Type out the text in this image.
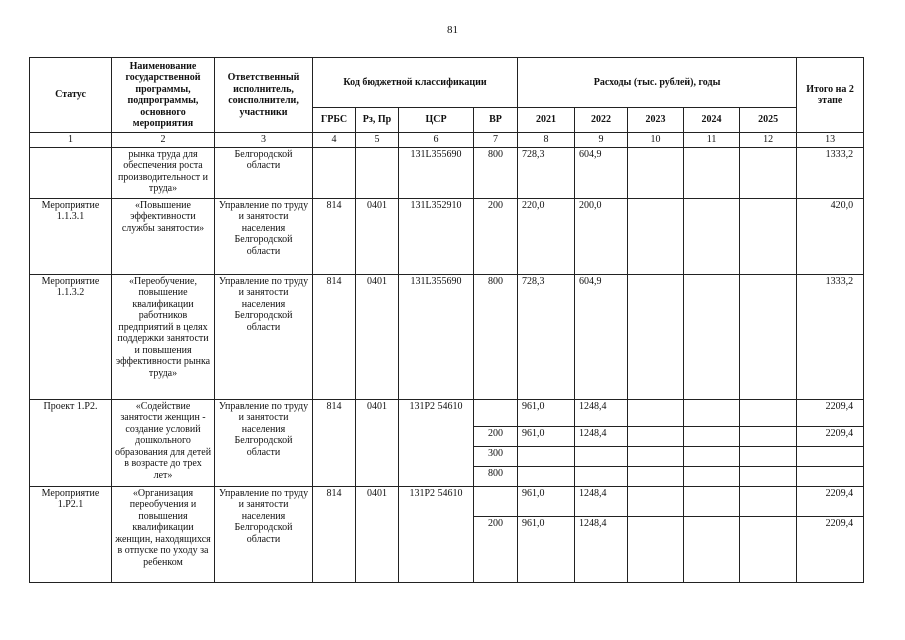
81
Статус	Наименование государственной программы, подпрограммы, основного мероприятия	Ответственный исполнитель, соисполнители, участники	Код бюджетной классификации				Расходы (тыс. рублей), годы					Итого на 2 этапе
			ГРБС	Рз, Пр	ЦСР	ВР	2021	2022	2023	2024	2025	
1	2	3	4	5	6	7	8	9	10	11	12	13
	рынка труда для обеспечения роста производительност и труда»	Белгородской области			131L355690	800	728,3	604,9				1333,2
Мероприятие 1.1.3.1	«Повышение эффективности службы занятости»	Управление по труду и занятости населения Белгородской области	814	0401	131L352910	200	220,0	200,0				420,0
Мероприятие 1.1.3.2	«Переобучение, повышение квалификации работников предприятий в целях поддержки занятости и повышения эффективности рынка труда»	Управление по труду и занятости населения Белгородской области	814	0401	131L355690	800	728,3	604,9				1333,2
Проект 1.Р2.	«Содействие занятости женщин - создание условий дошкольного образования для детей в возрасте до трех лет»	Управление по труду и занятости населения Белгородской области	814	0401	131Р2 54610		961,0	1248,4				2209,4
						200	961,0	1248,4				2209,4
						300						
						800						
Мероприятие 1.Р2.1	«Организация переобучения и повышения квалификации женщин, находящихся в отпуске по уходу за ребенком	Управление по труду и занятости населения Белгородской области	814	0401	131Р2 54610		961,0	1248,4				2209,4
						200	961,0	1248,4				2209,4
